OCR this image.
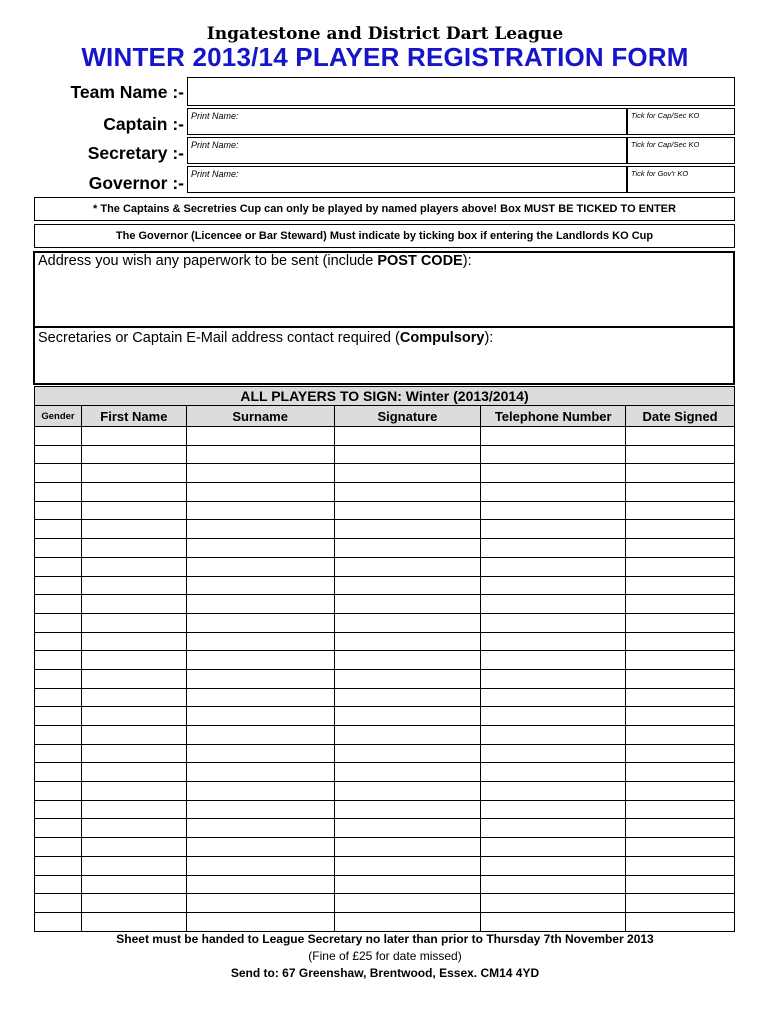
Ingatestone and District Dart League
WINTER 2013/14 PLAYER REGISTRATION FORM
Team Name :-
Captain :- Print Name:	Tick for Cap/Sec KO
Secretary :- Print Name:	Tick for Cap/Sec KO
Governor :- Print Name:	Tick for Gov'r KO
* The Captains & Secretries Cup can only be played by named players above! Box MUST BE TICKED TO ENTER
The Governor (Licencee or Bar Steward) Must indicate by ticking box if entering the Landlords KO Cup
Address you wish any paperwork to be sent (include POST CODE):
Secretaries or Captain E-Mail address contact required (Compulsory):
ALL PLAYERS TO SIGN: Winter (2013/2014)
Gender	First Name	Surname	Signature	Telephone Number	Date Signed

Sheet must be handed to League Secretary no later than prior to Thursday 7th November 2013
(Fine of £25 for date missed)
Send to: 67 Greenshaw, Brentwood, Essex. CM14 4YD
